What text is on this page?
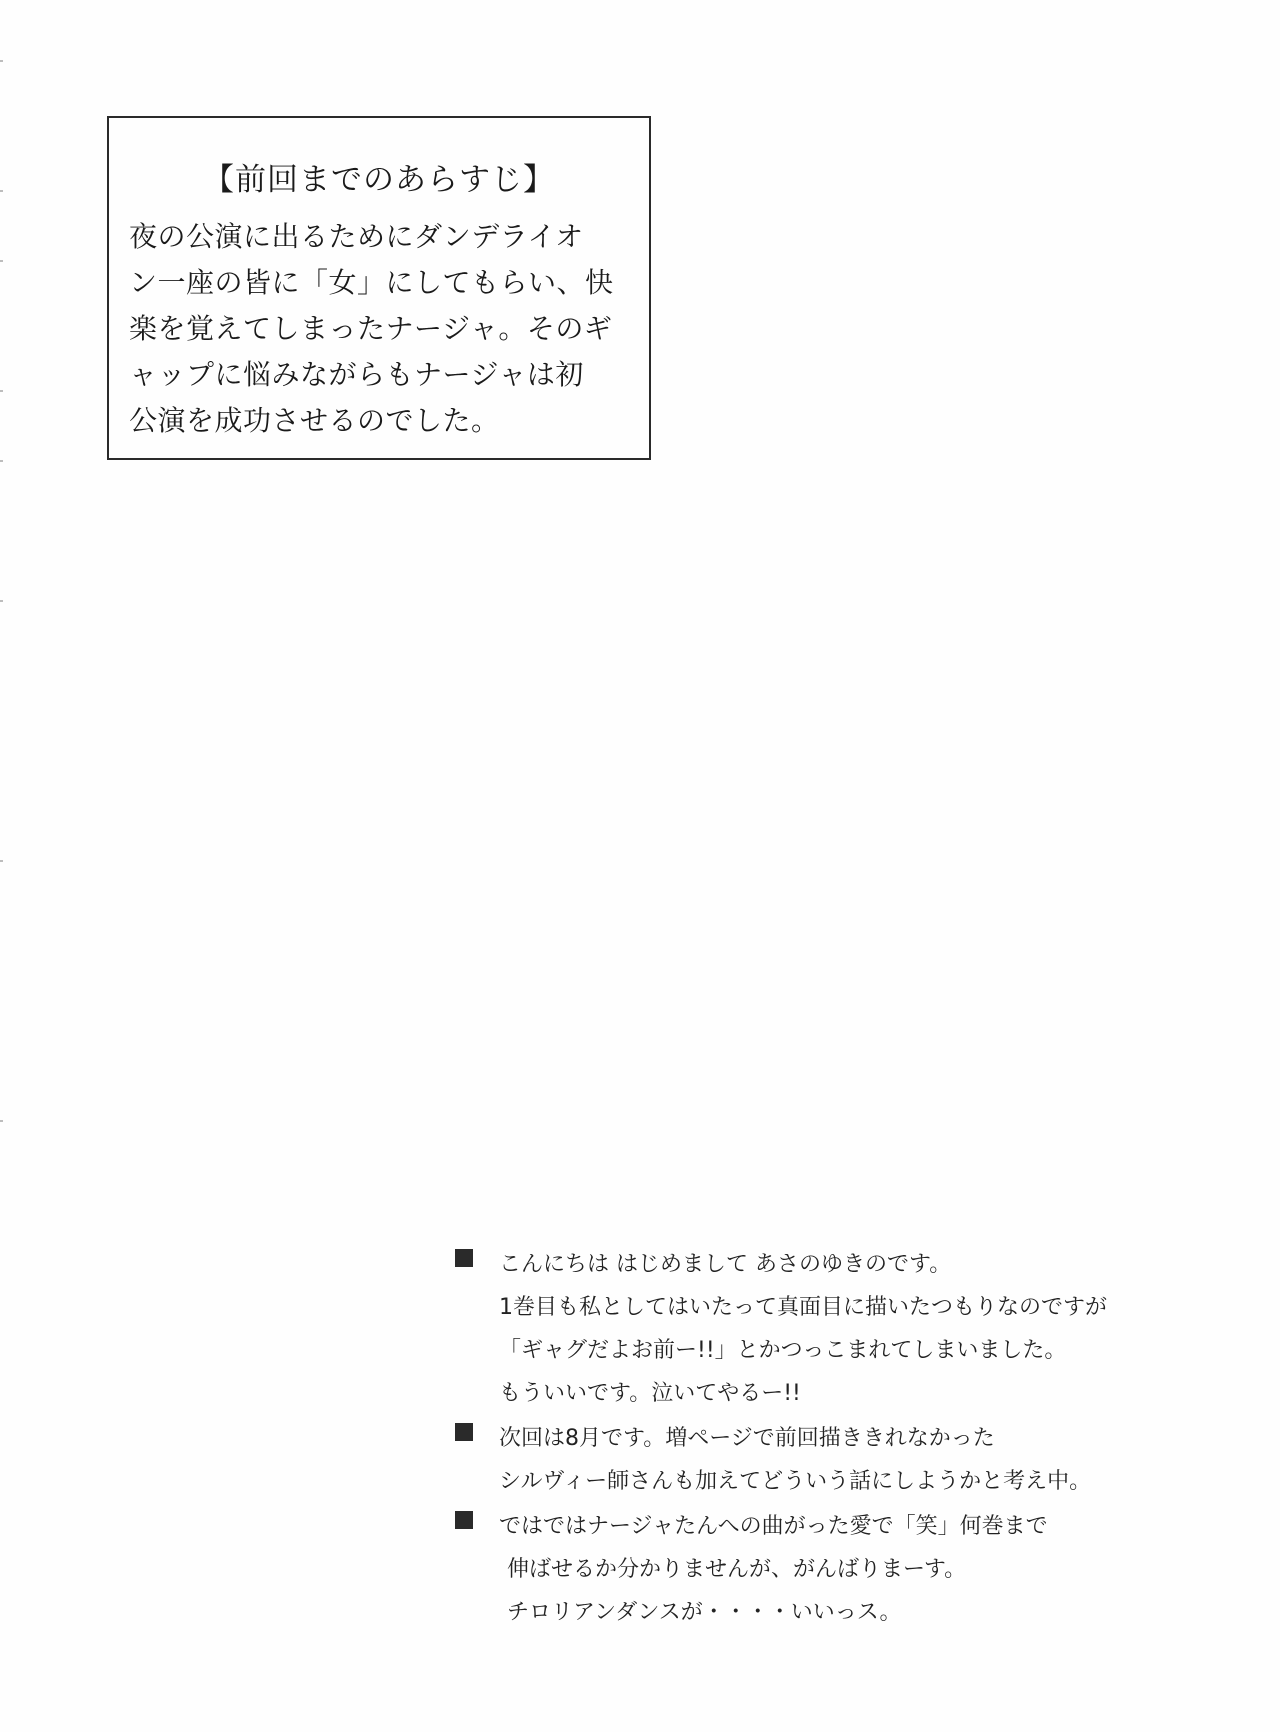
【前回までのあらすじ】
夜の公演に出るためにダンデライオ
ン一座の皆に「女」にしてもらい、快
楽を覚えてしまったナージャ。そのギ
ャップに悩みながらもナージャは初
公演を成功させるのでした。
こんにちは はじめまして あさのゆきのです。
1巻目も私としてはいたって真面目に描いたつもりなのですが
「ギャグだよお前ー!!」とかつっこまれてしまいました。
もういいです。泣いてやるー!!
次回は8月です。増ページで前回描ききれなかった
シルヴィー師さんも加えてどういう話にしようかと考え中。
ではではナージャたんへの曲がった愛で「笑」何巻まで
伸ばせるか分かりませんが、がんばりまーす。
チロリアンダンスが・・・・いいっス。
